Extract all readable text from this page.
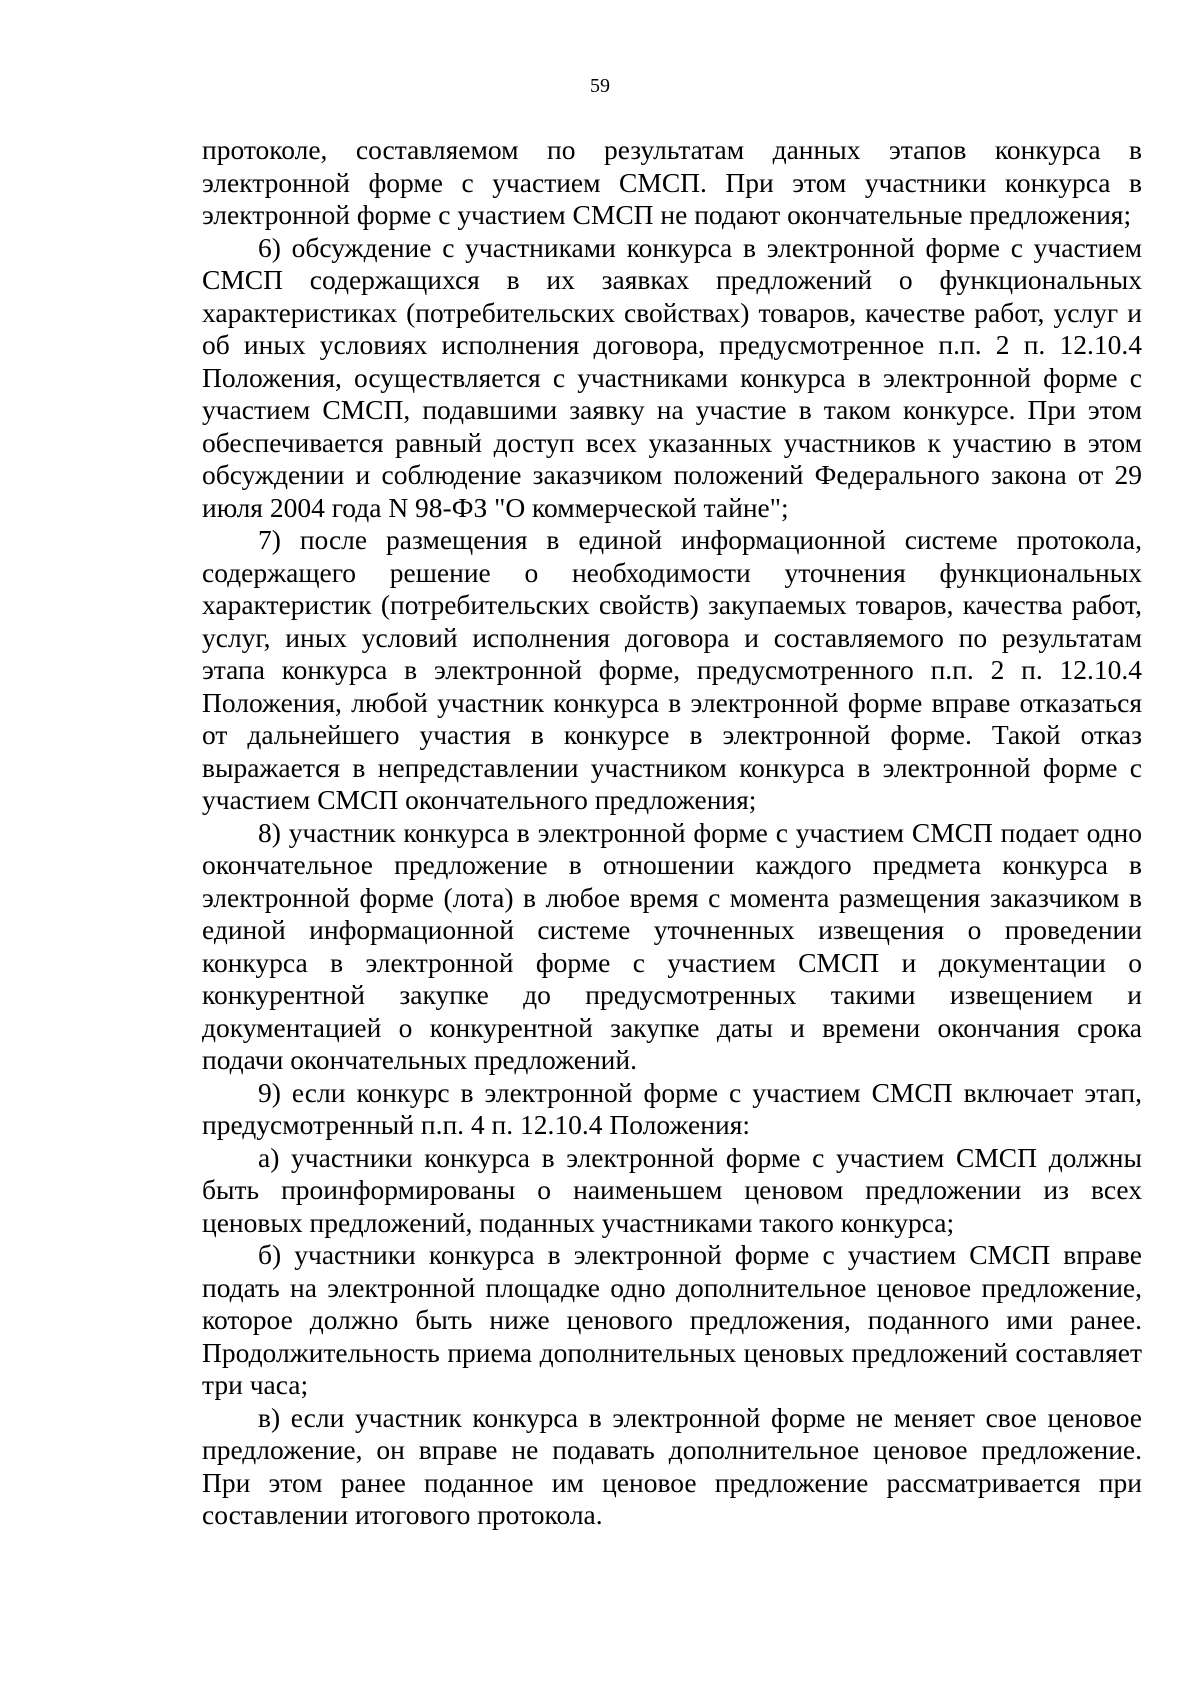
59

протоколе, составляемом по результатам данных этапов конкурса в электронной форме с участием СМСП. При этом участники конкурса в электронной форме с участием СМСП не подают окончательные предложения;

6) обсуждение с участниками конкурса в электронной форме с участием СМСП содержащихся в их заявках предложений о функциональных характеристиках (потребительских свойствах) товаров, качестве работ, услуг и об иных условиях исполнения договора, предусмотренное п.п. 2 п. 12.10.4 Положения, осуществляется с участниками конкурса в электронной форме с участием СМСП, подавшими заявку на участие в таком конкурсе. При этом обеспечивается равный доступ всех указанных участников к участию в этом обсуждении и соблюдение заказчиком положений Федерального закона от 29 июля 2004 года N 98-ФЗ "О коммерческой тайне";

7) после размещения в единой информационной системе протокола, содержащего решение о необходимости уточнения функциональных характеристик (потребительских свойств) закупаемых товаров, качества работ, услуг, иных условий исполнения договора и составляемого по результатам этапа конкурса в электронной форме, предусмотренного п.п. 2 п. 12.10.4 Положения, любой участник конкурса в электронной форме вправе отказаться от дальнейшего участия в конкурсе в электронной форме. Такой отказ выражается в непредставлении участником конкурса в электронной форме с участием СМСП окончательного предложения;

8) участник конкурса в электронной форме с участием СМСП подает одно окончательное предложение в отношении каждого предмета конкурса в электронной форме (лота) в любое время с момента размещения заказчиком в единой информационной системе уточненных извещения о проведении конкурса в электронной форме с участием СМСП и документации о конкурентной закупке до предусмотренных такими извещением и документацией о конкурентной закупке даты и времени окончания срока подачи окончательных предложений.

9) если конкурс в электронной форме с участием СМСП включает этап, предусмотренный п.п. 4 п. 12.10.4 Положения:

а) участники конкурса в электронной форме с участием СМСП должны быть проинформированы о наименьшем ценовом предложении из всех ценовых предложений, поданных участниками такого конкурса;

б) участники конкурса в электронной форме с участием СМСП вправе подать на электронной площадке одно дополнительное ценовое предложение, которое должно быть ниже ценового предложения, поданного ими ранее. Продолжительность приема дополнительных ценовых предложений составляет три часа;

в) если участник конкурса в электронной форме не меняет свое ценовое предложение, он вправе не подавать дополнительное ценовое предложение. При этом ранее поданное им ценовое предложение рассматривается при составлении итогового протокола.
